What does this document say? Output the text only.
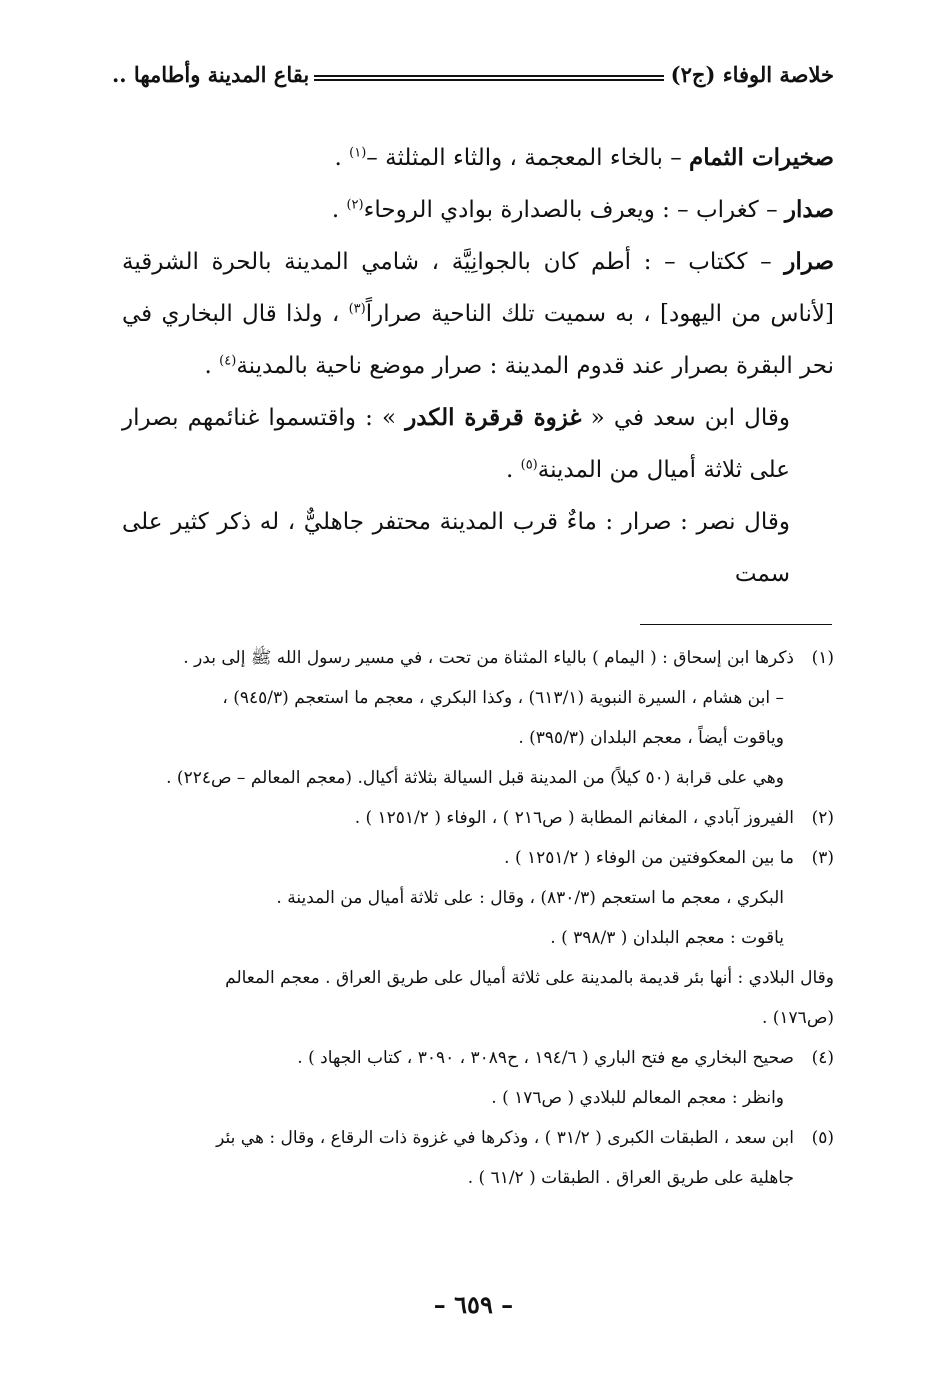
خلاصة الوفاء (ج٢)
بقاع المدينة وأطامها ..

صخيرات الثمام – بالخاء المعجمة ، والثاء المثلثة –$^{(١)}$ .

صدار – كغراب – : ويعرف بالصدارة بوادي الروحاء$^{(٢)}$ .

صرار – ككتاب – : أطم كان بالجوانِيَّة ، شامي المدينة بالحرة الشرقية [لأناس من اليهود] ، به سميت تلك الناحية صراراً$^{(٣)}$ ، ولذا قال البخاري في نحر البقرة بصرار عند قدوم المدينة : صرار موضع ناحية بالمدينة$^{(٤)}$ .

وقال ابن سعد في « غزوة قرقرة الكدر » : واقتسموا غنائمهم بصرار على ثلاثة أميال من المدينة$^{(٥)}$ .

وقال نصر : صرار : ماءٌ قرب المدينة محتفر جاهليٌّ ، له ذكر كثير على سمت

(١)
ذكرها ابن إسحاق : ( اليمام ) بالياء المثناة من تحت ، في مسير رسول الله ﷺ إلى بدر .
– ابن هشام ، السيرة النبوية (٦١٣/١) ، وكذا البكري ، معجم ما استعجم (٩٤٥/٣) ،
وياقوت أيضاً ، معجم البلدان (٣٩٥/٣) .
وهي على قرابة (٥٠ كيلاً) من المدينة قبل السيالة بثلاثة أكيال. (معجم المعالم – ص٢٢٤) .
(٢)
الفيروز آبادي ، المغانم المطابة ( ص٢١٦ ) ، الوفاء ( ١٢٥١/٢ ) .
(٣)
ما بين المعكوفتين من الوفاء ( ١٢٥١/٢ ) .
البكري ، معجم ما استعجم (٨٣٠/٣) ، وقال : على ثلاثة أميال من المدينة .
ياقوت : معجم البلدان ( ٣٩٨/٣ ) .
وقال البلادي : أنها بئر قديمة بالمدينة على ثلاثة أميال على طريق العراق . معجم المعالم
(ص١٧٦) .
(٤)
صحيح البخاري مع فتح الباري ( ١٩٤/٦ ، ح٣٠٨٩ ، ٣٠٩٠ ، كتاب الجهاد ) .
وانظر : معجم المعالم للبلادي ( ص١٧٦ ) .
(٥)
ابن سعد ، الطبقات الكبرى ( ٣١/٢ ) ، وذكرها في غزوة ذات الرقاع ، وقال : هي بئر
جاهلية على طريق العراق . الطبقات ( ٦١/٢ ) .
– ٦٥٩ –
